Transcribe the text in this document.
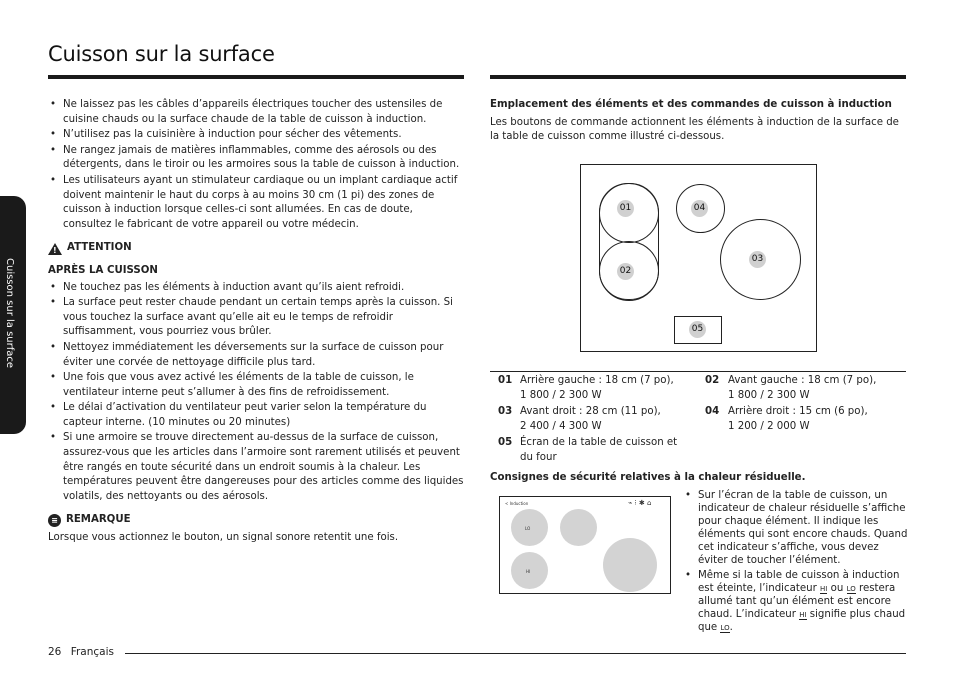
Cuisson sur la surface
Cuisson sur la surface
• Ne laissez pas les câbles d’appareils électriques toucher des ustensiles de cuisine chauds ou la surface chaude de la table de cuisson à induction.
• N’utilisez pas la cuisinière à induction pour sécher des vêtements.
• Ne rangez jamais de matières inflammables, comme des aérosols ou des détergents, dans le tiroir ou les armoires sous la table de cuisson à induction.
• Les utilisateurs ayant un stimulateur cardiaque ou un implant cardiaque actif doivent maintenir le haut du corps à au moins 30 cm (1 pi) des zones de cuisson à induction lorsque celles-ci sont allumées. En cas de doute, consultez le fabricant de votre appareil ou votre médecin.
!
ATTENTION
APRÈS LA CUISSON
• Ne touchez pas les éléments à induction avant qu’ils aient refroidi.
• La surface peut rester chaude pendant un certain temps après la cuisson. Si vous touchez la surface avant qu’elle ait eu le temps de refroidir suffisamment, vous pourriez vous brûler.
• Nettoyez immédiatement les déversements sur la surface de cuisson pour éviter une corvée de nettoyage difficile plus tard.
• Une fois que vous avez activé les éléments de la table de cuisson, le ventilateur interne peut s’allumer à des fins de refroidissement.
• Le délai d’activation du ventilateur peut varier selon la température du capteur interne. (10 minutes ou 20 minutes)
• Si une armoire se trouve directement au-dessus de la surface de cuisson, assurez-vous que les articles dans l’armoire sont rarement utilisés et peuvent être rangés en toute sécurité dans un endroit soumis à la chaleur. Les températures peuvent être dangereuses pour des articles comme des liquides volatils, des nettoyants ou des aérosols.
≡ REMARQUE
Lorsque vous actionnez le bouton, un signal sonore retentit une fois.
Emplacement des éléments et des commandes de cuisson à induction
Les boutons de commande actionnent les éléments à induction de la surface de la table de cuisson comme illustré ci-dessous.
01
02
03
04
05
01 Arrière gauche : 18 cm (7 po),
1 800 / 2 300 W
02 Avant gauche : 18 cm (7 po),
1 800 / 2 300 W
03 Avant droit : 28 cm (11 po),
2 400 / 4 300 W
04 Arrière droit : 15 cm (6 po),
1 200 / 2 000 W
05 Écran de la table de cuisson et
du four
Consignes de sécurité relatives à la chaleur résiduelle.
< Induction	⌁ ⁝ ✱ ⌂
LO
HI
• Sur l’écran de la table de cuisson, un indicateur de chaleur résiduelle s’affiche pour chaque élément. Il indique les éléments qui sont encore chauds. Quand cet indicateur s’affiche, vous devez éviter de toucher l’élément.
• Même si la table de cuisson à induction est éteinte, l’indicateur HI ou LO restera allumé tant qu’un élément est encore chaud. L’indicateur HI signifie plus chaud que LO.
26 Français
